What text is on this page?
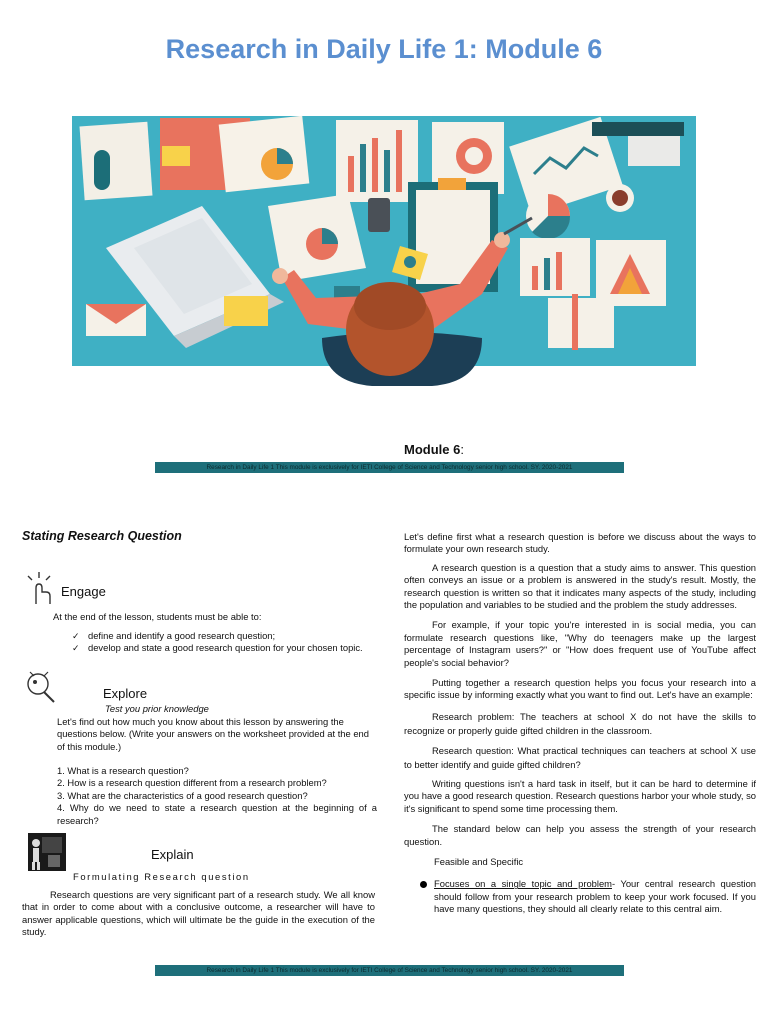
Research in Daily Life 1: Module 6
Module 6:
Research in Daily Life 1 This module is exclusively for IETI College of Science and Technology senior high school. SY. 2020-2021

Stating Research Question

Engage
At the end of the lesson, students must be able to:
✓ define and identify a good research question;
✓ develop and state a good research question for your chosen topic.
Explore
Test you prior knowledge

Let's find out how much you know about this lesson by answering the questions below. (Write your answers on the worksheet provided at the end of this module.)

1. What is a research question?
2. How is a research question different from a research problem?
3. What are the characteristics of a good research question?
4. Why do we need to state a research question at the beginning of a research?
Explain
Formulating Research question

Research questions are very significant part of a research study. We all know that in order to come about with a conclusive outcome, a researcher will have to answer applicable questions, which will ultimate be the guide in the execution of the study.

Let's define first what a research question is before we discuss about the ways to formulate your own research study.

A research question is a question that a study aims to answer. This question often conveys an issue or a problem is answered in the study's result. Mostly, the research question is written so that it indicates many aspects of the study, including the population and variables to be studied and the problem the study addresses.

For example, if your topic you're interested in is social media, you can formulate research questions like, "Why do teenagers make up the largest percentage of Instagram users?" or "How does frequent use of YouTube affect people's social behavior?

Putting together a research question helps you focus your research into a specific issue by informing exactly what you want to find out. Let's have an example:

Research problem: The teachers at school X do not have the skills to recognize or properly guide gifted children in the classroom.

Research question: What practical techniques can teachers at school X use to better identify and guide gifted children?

Writing questions isn't a hard task in itself, but it can be hard to determine if you have a good research question. Research questions harbor your whole study, so it's significant to spend some time processing them.

The standard below can help you assess the strength of your research question.

Feasible and Specific

Focuses on a single topic and problem- Your central research question should follow from your research problem to keep your work focused. If you have many questions, they should all clearly relate to this central aim.
Research in Daily Life 1 This module is exclusively for IETI College of Science and Technology senior high school. SY. 2020-2021
